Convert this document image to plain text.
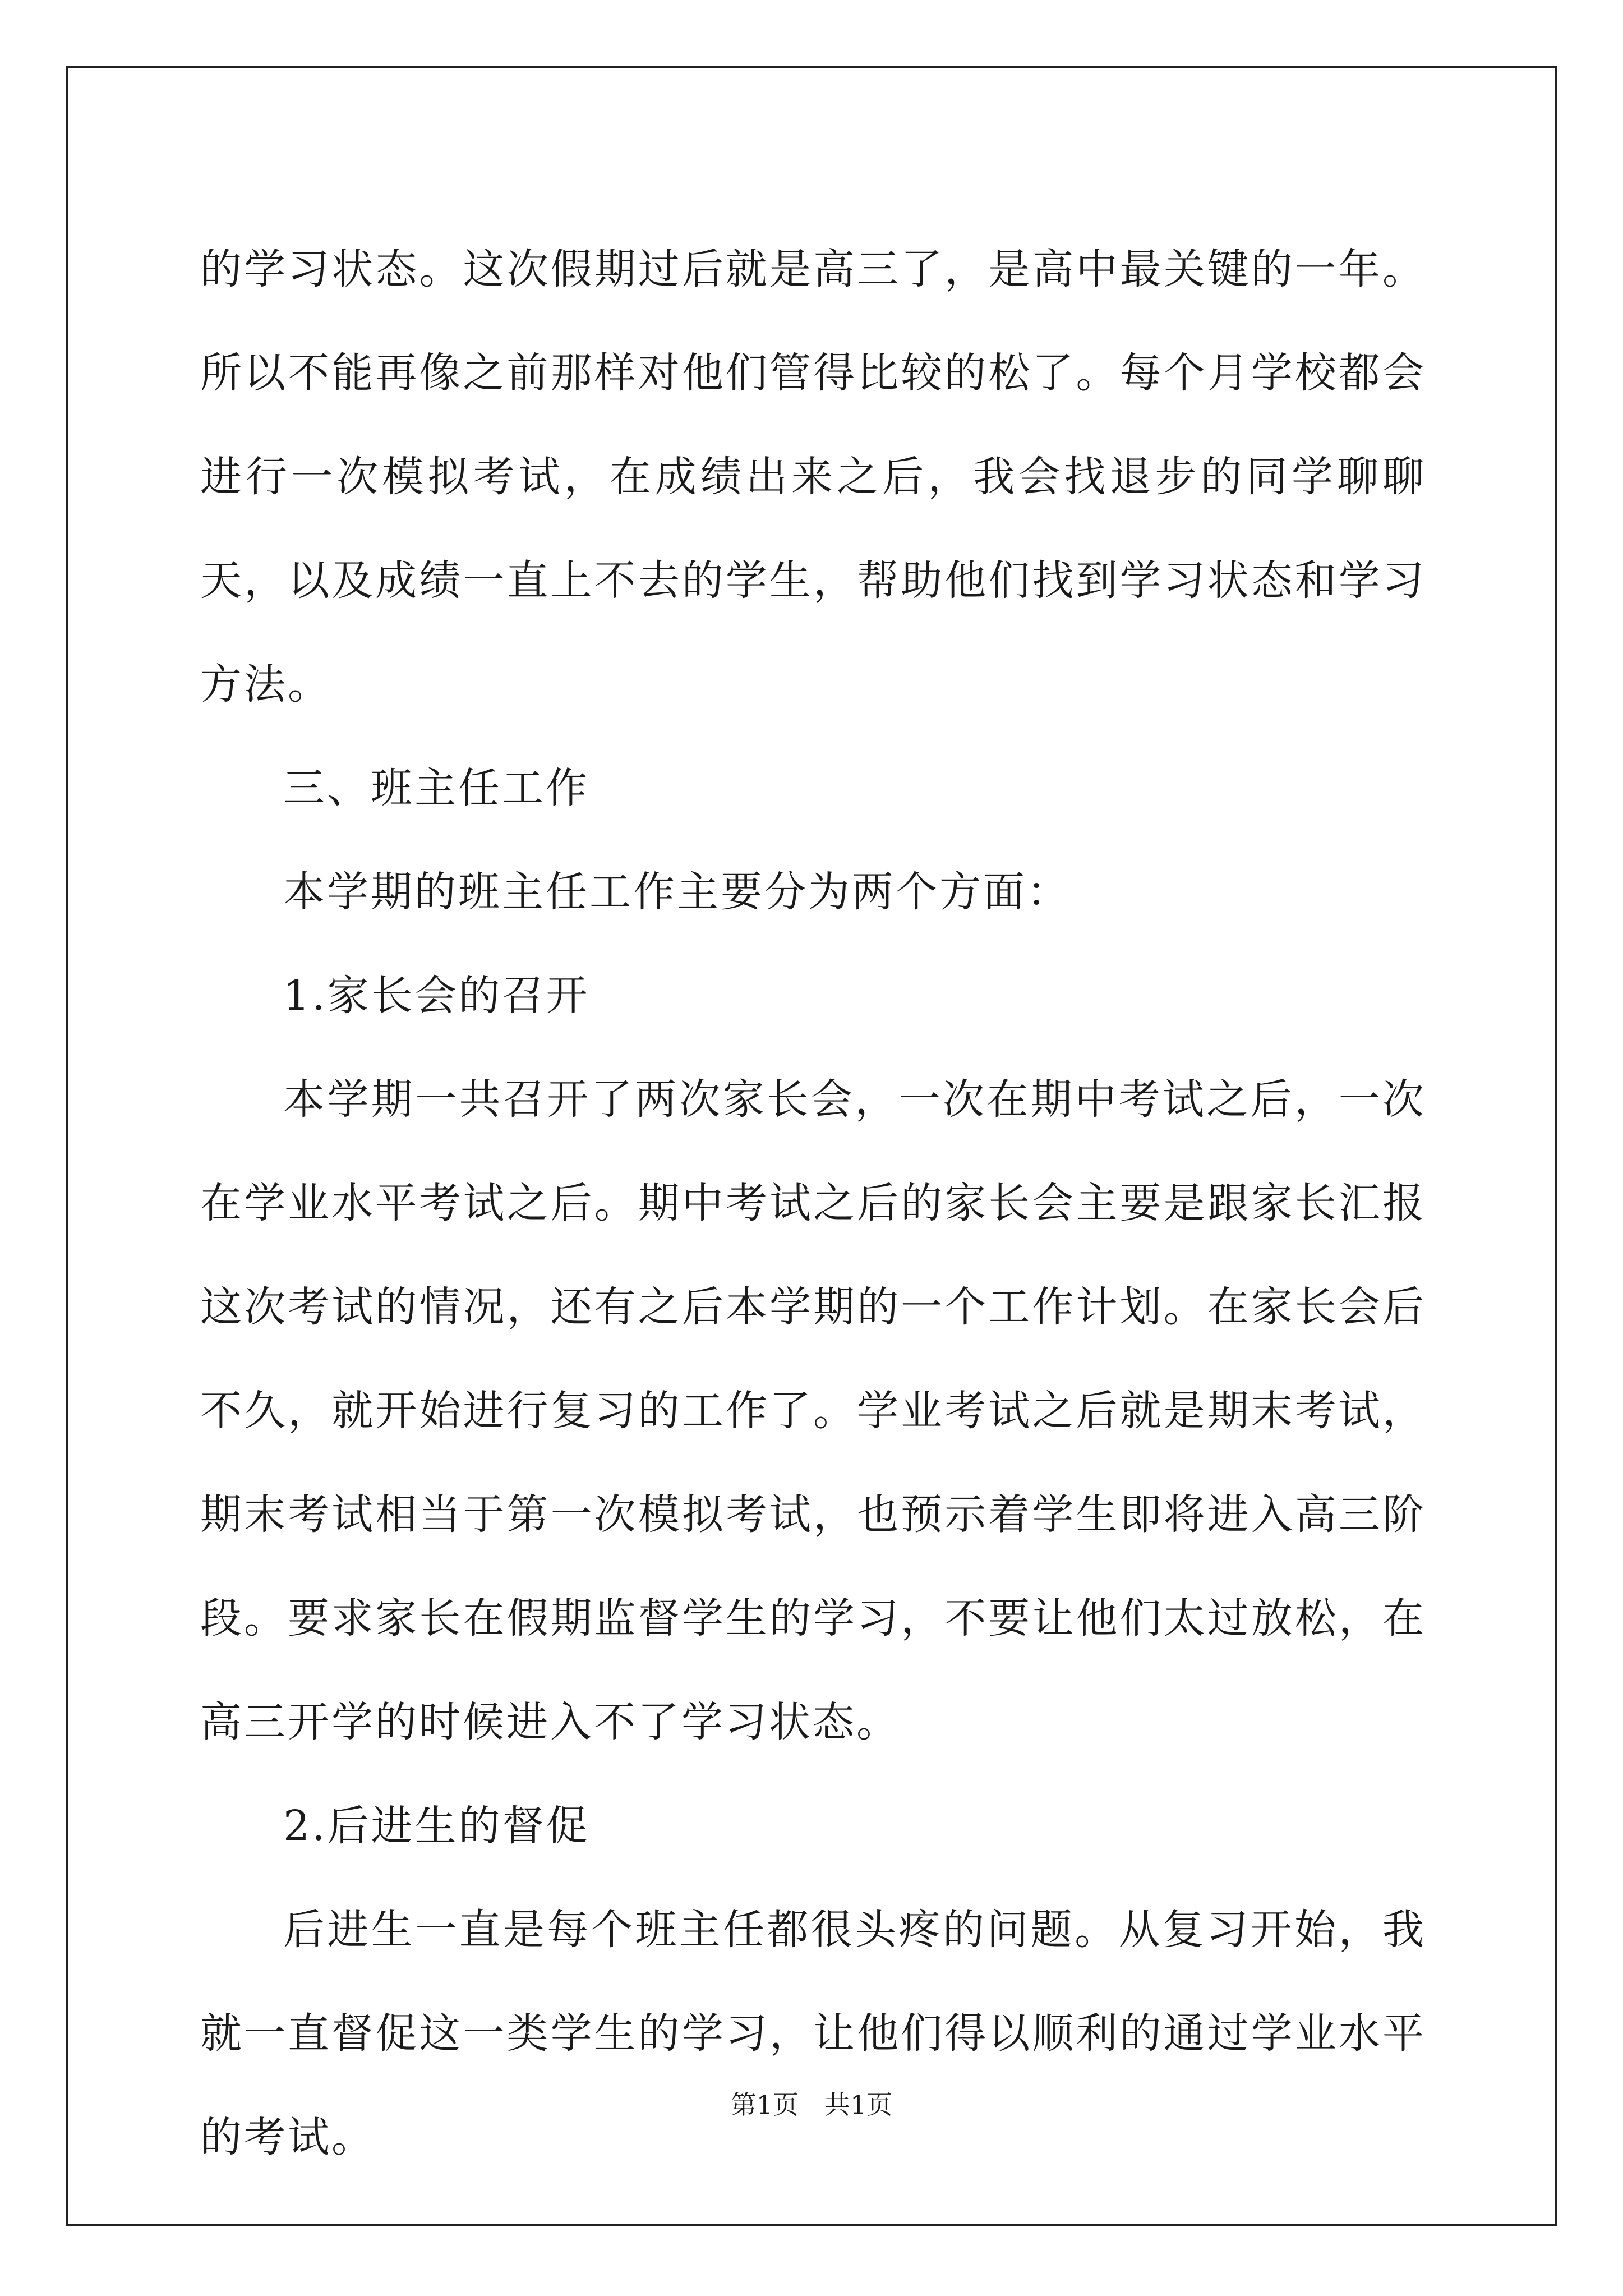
的学习状态。这次假期过后就是高三了，是高中最关键的一年。所以不能再像之前那样对他们管得比较的松了。每个月学校都会进行一次模拟考试，在成绩出来之后，我会找退步的同学聊聊天，以及成绩一直上不去的学生，帮助他们找到学习状态和学习方法。

三、班主任工作

本学期的班主任工作主要分为两个方面：

1.家长会的召开

本学期一共召开了两次家长会，一次在期中考试之后，一次在学业水平考试之后。期中考试之后的家长会主要是跟家长汇报这次考试的情况，还有之后本学期的一个工作计划。在家长会后不久，就开始进行复习的工作了。学业考试之后就是期末考试，期末考试相当于第一次模拟考试，也预示着学生即将进入高三阶段。要求家长在假期监督学生的学习，不要让他们太过放松，在高三开学的时候进入不了学习状态。

2.后进生的督促

后进生一直是每个班主任都很头疼的问题。从复习开始，我就一直督促这一类学生的学习，让他们得以顺利的通过学业水平的考试。

第1页　共1页
